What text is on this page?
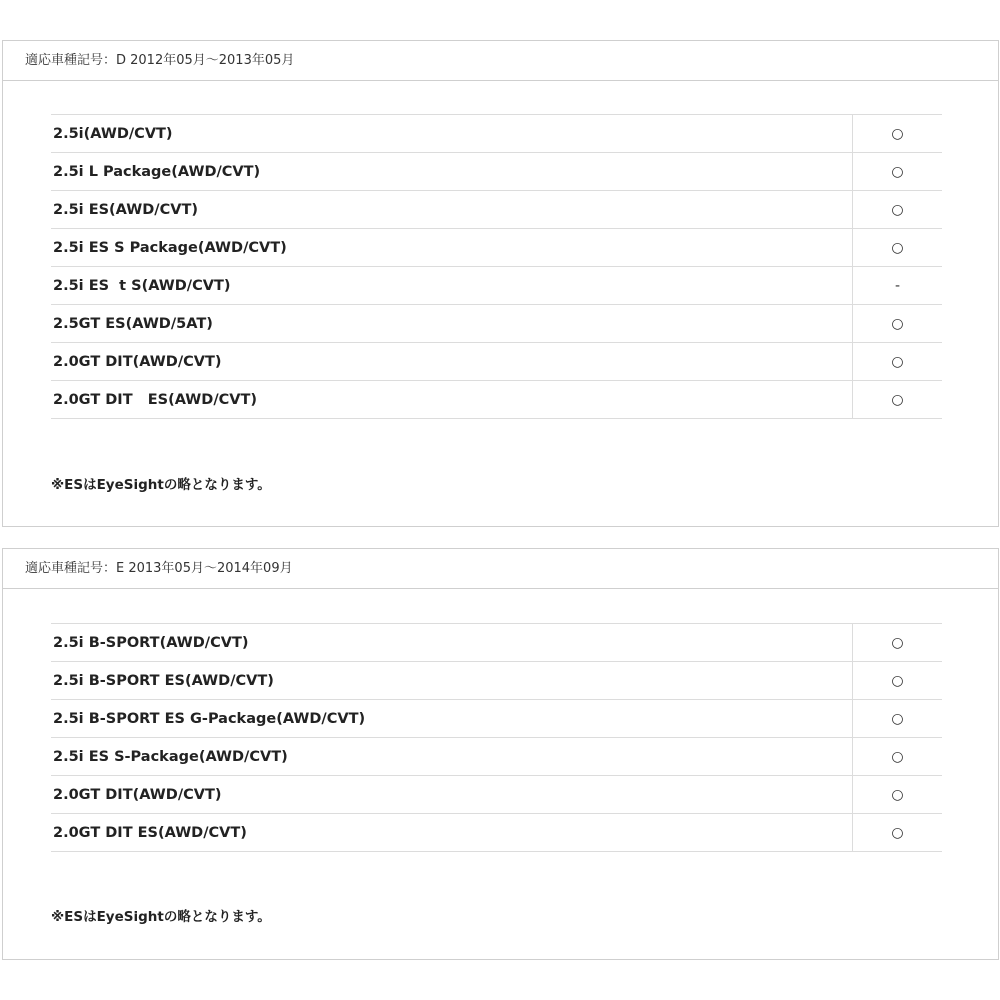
適応車種記号：D 2012年05月～2013年05月
2.5i(AWD/CVT)	○
2.5i L Package(AWD/CVT)	○
2.5i ES(AWD/CVT)	○
2.5i ES S Package(AWD/CVT)	○
2.5i ES  t S(AWD/CVT)	-
2.5GT ES(AWD/5AT)	○
2.0GT DIT(AWD/CVT)	○
2.0GT DIT   ES(AWD/CVT)	○
※ESはEyeSightの略となります。
適応車種記号：E 2013年05月～2014年09月
2.5i B-SPORT(AWD/CVT)	○
2.5i B-SPORT ES(AWD/CVT)	○
2.5i B-SPORT ES G-Package(AWD/CVT)	○
2.5i ES S-Package(AWD/CVT)	○
2.0GT DIT(AWD/CVT)	○
2.0GT DIT ES(AWD/CVT)	○
※ESはEyeSightの略となります。
